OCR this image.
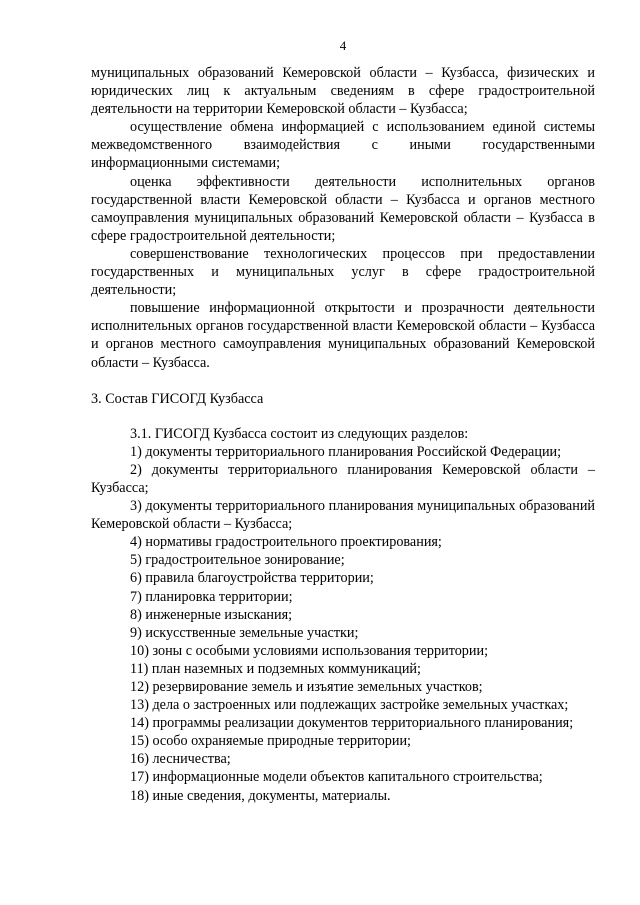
4

муниципальных образований Кемеровской области – Кузбасса, физических и юридических лиц к актуальным сведениям в сфере градостроительной деятельности на территории Кемеровской области – Кузбасса;

осуществление обмена информацией с использованием единой системы межведомственного взаимодействия с иными государственными информационными системами;

оценка эффективности деятельности исполнительных органов государственной власти Кемеровской области – Кузбасса и органов местного самоуправления муниципальных образований Кемеровской области – Кузбасса в сфере градостроительной деятельности;

совершенствование технологических процессов при предоставлении государственных и муниципальных услуг в сфере градостроительной деятельности;

повышение информационной открытости и прозрачности деятельности исполнительных органов государственной власти Кемеровской области – Кузбасса и органов местного самоуправления муниципальных образований Кемеровской области – Кузбасса.

3. Состав ГИСОГД Кузбасса

3.1. ГИСОГД Кузбасса состоит из следующих разделов:

1) документы территориального планирования Российской Федерации;

2) документы территориального планирования Кемеровской области – Кузбасса;

3) документы территориального планирования муниципальных образований Кемеровской области – Кузбасса;

4) нормативы градостроительного проектирования;

5) градостроительное зонирование;

6) правила благоустройства территории;

7) планировка территории;

8) инженерные изыскания;

9) искусственные земельные участки;

10) зоны с особыми условиями использования территории;

11) план наземных и подземных коммуникаций;

12) резервирование земель и изъятие земельных участков;

13) дела о застроенных или подлежащих застройке земельных участках;

14) программы реализации документов территориального планирования;

15) особо охраняемые природные территории;

16) лесничества;

17) информационные модели объектов капитального строительства;

18) иные сведения, документы, материалы.
